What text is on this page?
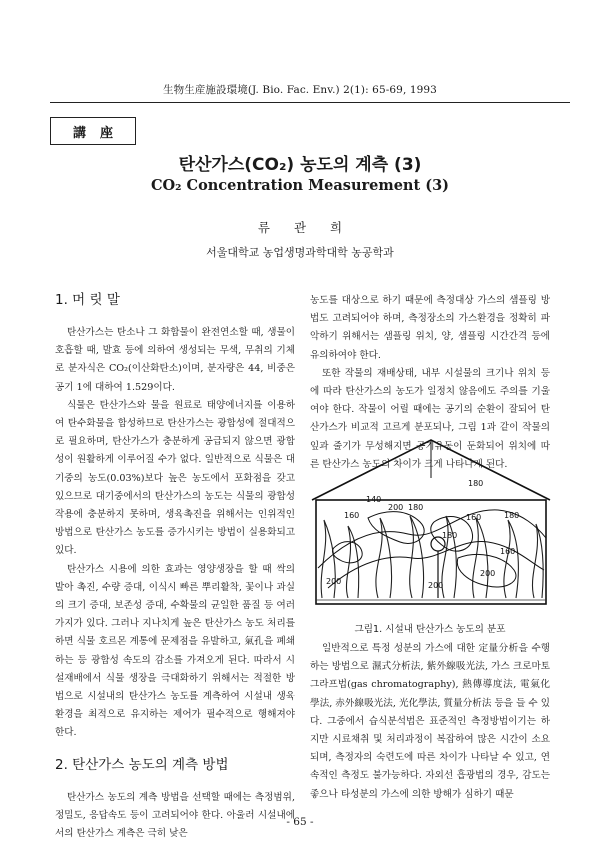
生物生産施設環境(J. Bio. Fac. Env.) 2(1): 65-69, 1993
講座
탄산가스(CO₂) 농도의 계측 (3)
CO₂ Concentration Measurement (3)
류 관 희
서울대학교 농업생명과학대학 농공학과
1. 머 릿 말

탄산가스는 탄소나 그 화합물이 완전연소할 때, 생물이 호흡할 때, 발효 등에 의하여 생성되는 무색, 무취의 기체로 분자식은 CO₂(이산화탄소)이며, 분자량은 44, 비중은 공기 1에 대하여 1.529이다.

식물은 탄산가스와 물을 원료로 태양에너지를 이용하여 탄수화물을 합성하므로 탄산가스는 광합성에 절대적으로 필요하며, 탄산가스가 충분하게 공급되지 않으면 광합성이 원활하게 이루어질 수가 없다. 일반적으로 식물은 대기중의 농도(0.03%)보다 높은 농도에서 포화점을 갖고 있으므로 대기중에서의 탄산가스의 농도는 식물의 광합성작용에 충분하지 못하며, 생육촉진을 위해서는 인위적인 방법으로 탄산가스 농도를 증가시키는 방법이 실용화되고 있다.

탄산가스 시용에 의한 효과는 영양생장을 할 때 싹의 발아 촉진, 수량 증대, 이식시 빠른 뿌리활착, 꽃이나 과실의 크기 증대, 보존성 증대, 수확물의 균일한 품질 등 여러가지가 있다. 그러나 지나치게 높은 탄산가스 농도 처리를 하면 식물 호르몬 계통에 문제점을 유발하고, 氣孔을 폐쇄하는 등 광합성 속도의 감소를 가져오게 된다. 따라서 시설재배에서 식물 생장을 극대화하기 위해서는 적절한 방법으로 시설내의 탄산가스 농도를 계측하여 시설내 생육환경을 최적으로 유지하는 제어가 필수적으로 행해져야 한다.

2. 탄산가스 농도의 계측 방법

탄산가스 농도의 계측 방법을 선택할 때에는 측정범위, 정밀도, 응답속도 등이 고려되어야 한다. 아울러 시설내에서의 탄산가스 계측은 극히 낮은

농도를 대상으로 하기 때문에 측정대상 가스의 샘플링 방법도 고려되어야 하며, 측정장소의 가스환경을 정확히 파악하기 위해서는 샘플링 위치, 양, 샘플링 시간간격 등에 유의하여야 한다.

또한 작물의 재배상태, 내부 시설물의 크기나 위치 등에 따라 탄산가스의 농도가 일정치 않음에도 주의를 기울여야 한다. 작물이 어릴 때에는 공기의 순환이 잘되어 탄산가스가 비교적 고르게 분포되나, 그림 1과 같이 작물의 잎과 줄기가 무성해지면 공기유동이 둔화되어 위치에 따른 탄산가스 농도의 차이가 크게 나타나게 된다.

180
140
200 180
160	160	180
160
200
200	200
180
그림1. 시설내 탄산가스 농도의 분포

일반적으로 특정 성분의 가스에 대한 定量分析을 수행하는 방법으로 濕式分析法, 紫外線吸光法, 가스 크로마토그라프법(gas chromatography), 熱傳導度法, 電氣化學法, 赤外線吸光法, 光化學法, 質量分析法 등을 들 수 있다. 그중에서 습식분석법은 표준적인 측정방법이기는 하지만 시료채취 및 처리과정이 복잡하여 많은 시간이 소요되며, 측정자의 숙련도에 따른 차이가 나타날 수 있고, 연속적인 측정도 불가능하다. 자외선 흡광법의 경우, 감도는 좋으나 타성분의 가스에 의한 방해가 심하기 때문

- 65 -
